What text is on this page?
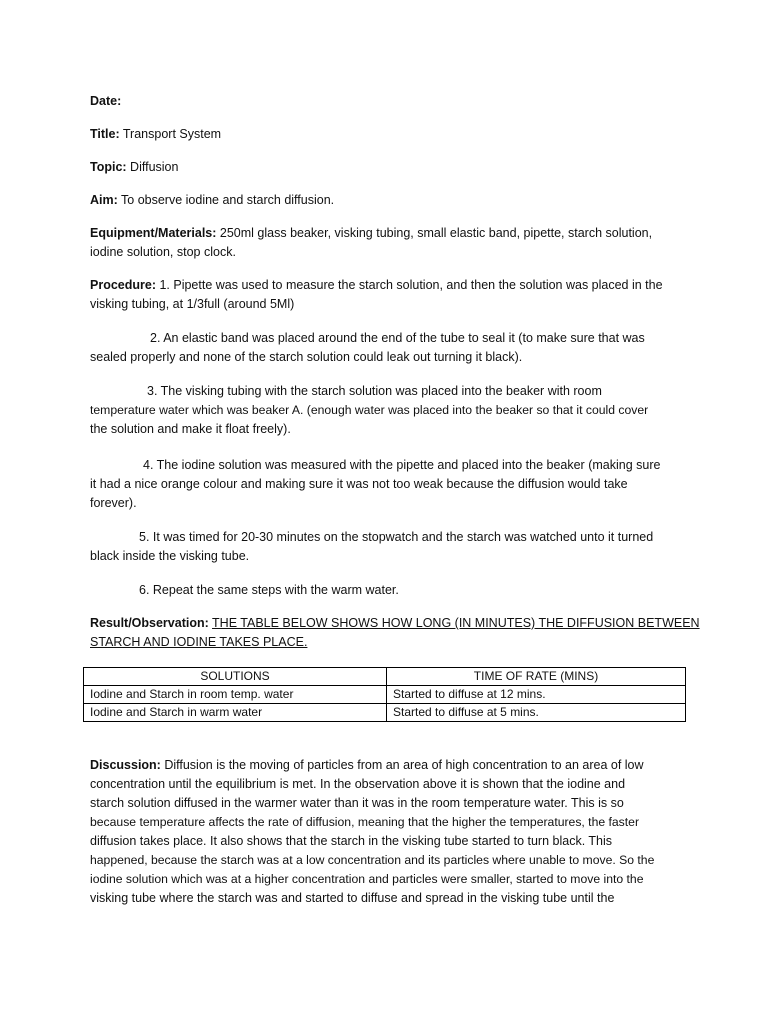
Date:
Title: Transport System
Topic: Diffusion
Aim: To observe iodine and starch diffusion.
Equipment/Materials: 250ml glass beaker, visking tubing, small elastic band, pipette, starch solution,
iodine solution, stop clock.
Procedure: 1. Pipette was used to measure the starch solution, and then the solution was placed in the
visking tubing, at 1/3full (around 5Ml)
2. An elastic band was placed around the end of the tube to seal it (to make sure that was
sealed properly and none of the starch solution could leak out turning it black).
3. The visking tubing with the starch solution was placed into the beaker with room
temperature water which was beaker A. (enough water was placed into the beaker so that it could cover
the solution and make it float freely).
4. The iodine solution was measured with the pipette and placed into the beaker (making sure
it had a nice orange colour and making sure it was not too weak because the diffusion would take
forever).
5. It was timed for 20-30 minutes on the stopwatch and the starch was watched unto it turned
black inside the visking tube.
6. Repeat the same steps with the warm water.
Result/Observation: THE TABLE BELOW SHOWS HOW LONG (IN MINUTES) THE DIFFUSION BETWEEN
STARCH AND IODINE TAKES PLACE.
SOLUTIONS	TIME OF RATE (MINS)
Iodine and Starch in room temp. water	Started to diffuse at 12 mins.
Iodine and Starch in warm water	Started to diffuse at 5 mins.
Discussion: Diffusion is the moving of particles from an area of high concentration to an area of low
concentration until the equilibrium is met. In the observation above it is shown that the iodine and
starch solution diffused in the warmer water than it was in the room temperature water. This is so
because temperature affects the rate of diffusion, meaning that the higher the temperatures, the faster
diffusion takes place. It also shows that the starch in the visking tube started to turn black. This
happened, because the starch was at a low concentration and its particles where unable to move. So the
iodine solution which was at a higher concentration and particles were smaller, started to move into the
visking tube where the starch was and started to diffuse and spread in the visking tube until the
